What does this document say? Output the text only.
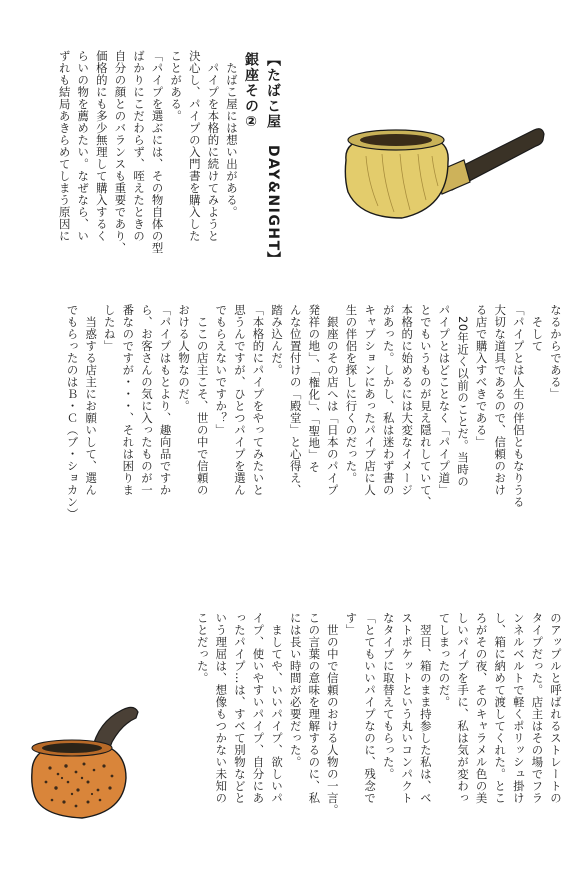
【たばこ屋　DAY&NIGHT】
銀座その②
　たばこ屋には想い出がある。
　パイプを本格的に続けてみようと
決心し、パイプの入門書を購入した
ことがある。
「パイプを選ぶには、その物自体の型
ばかりにこだわらず、咥えたときの
自分の顔とのバランスも重要であり、
価格的にも多少無理して購入するく
らいの物を薦めたい。なぜなら、い
ずれも結局あきらめてしまう原因に
なるからである」
　そして
「パイプとは人生の伴侶ともなりうる
大切な道具であるので、信頼のおけ
る店で購入すべきである」
　20年近く以前のことだ。当時の
パイプとはどことなく「パイプ道」
とでもいうものが見え隠れしていて、
本格的に始めるには大変なイメージ
があった。しかし、私は迷わず書の
キャプションにあったパイプ店に人
生の伴侶を探しに行くのだった。
　銀座のその店へは「日本のパイプ
発祥の地」、「権化」、「聖地」そ
んな位置付けの「殿堂」と心得え、
踏み込んだ。
「本格的にパイプをやってみたいと
思うんですが、ひとつパイプを選ん
でもらえないですか？」
　ここの店主こそ、世の中で信頼の
おける人物なのだ。
「パイプはもとより、趣向品ですか
ら、お客さんの気に入ったものが一
番なのですが・・・、それは困りま
したね」
　当惑する店主にお願いして、選ん
でもらったのはＢ・Ｃ（ブ・ショカン）
のアップルと呼ばれるストレートの
タイプだった。店主はその場でフラ
ンネルベルトで軽くポリッシュ掛け
し、箱に納めて渡してくれた。とこ
ろがその夜、そのキャラメル色の美
しいパイプを手に、私は気が変わっ
てしまったのだ。
　翌日、箱のまま持参した私は、ベ
ストポケットという丸いコンパクト
なタイプに取替えてもらった。
「とてもいいパイプなのに、残念で
す」
　世の中で信頼のおける人物の一言。
この言葉の意味を理解するのに、私
には長い時間が必要だった。
　ましてや、いいパイプ、欲しいパ
イプ、使いやすいパイプ、自分にあ
ったパイプ…は、すべて別物などと
いう理屈は、想像もつかない未知の
ことだった。
